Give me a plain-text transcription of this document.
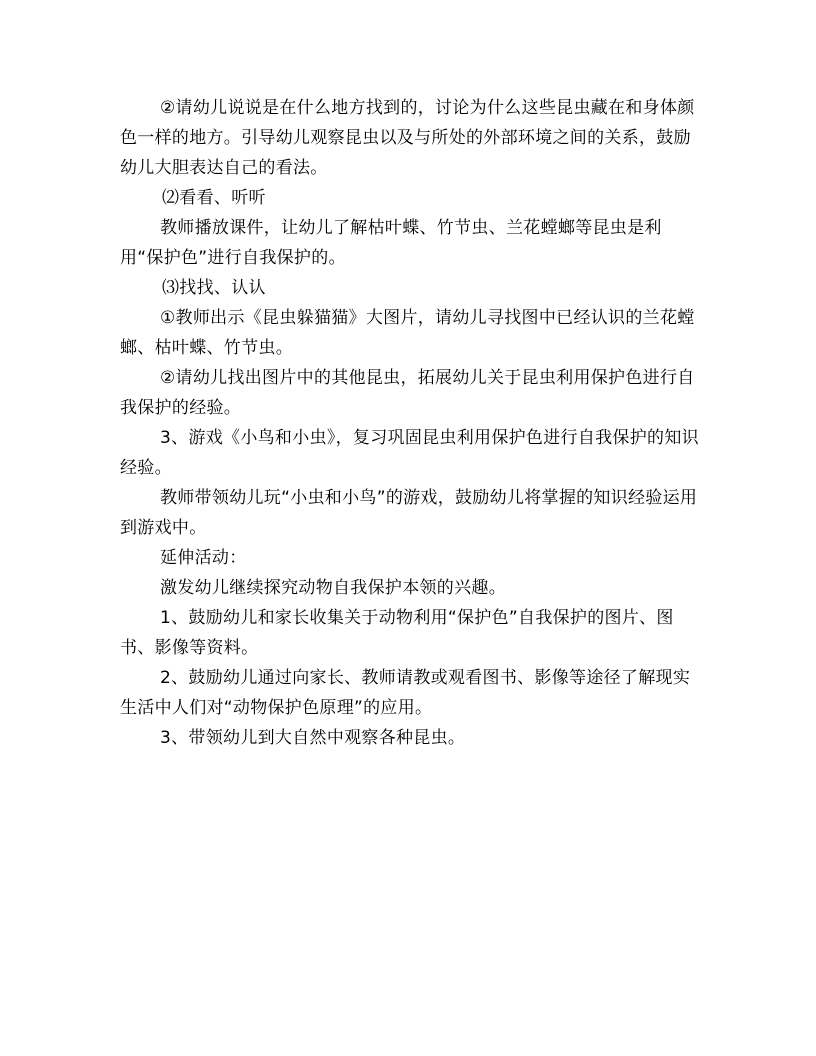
②请幼儿说说是在什么地方找到的，讨论为什么这些昆虫藏在和身体颜色一样的地方。引导幼儿观察昆虫以及与所处的外部环境之间的关系，鼓励幼儿大胆表达自己的看法。

⑵看看、听听

教师播放课件，让幼儿了解枯叶蝶、竹节虫、兰花螳螂等昆虫是利用“保护色”进行自我保护的。

⑶找找、认认

①教师出示《昆虫躲猫猫》大图片，请幼儿寻找图中已经认识的兰花螳螂、枯叶蝶、竹节虫。

②请幼儿找出图片中的其他昆虫，拓展幼儿关于昆虫利用保护色进行自我保护的经验。

3、游戏《小鸟和小虫》，复习巩固昆虫利用保护色进行自我保护的知识经验。

教师带领幼儿玩“小虫和小鸟”的游戏，鼓励幼儿将掌握的知识经验运用到游戏中。

延伸活动：

激发幼儿继续探究动物自我保护本领的兴趣。

1、鼓励幼儿和家长收集关于动物利用“保护色”自我保护的图片、图书、影像等资料。

2、鼓励幼儿通过向家长、教师请教或观看图书、影像等途径了解现实生活中人们对“动物保护色原理”的应用。

3、带领幼儿到大自然中观察各种昆虫。
